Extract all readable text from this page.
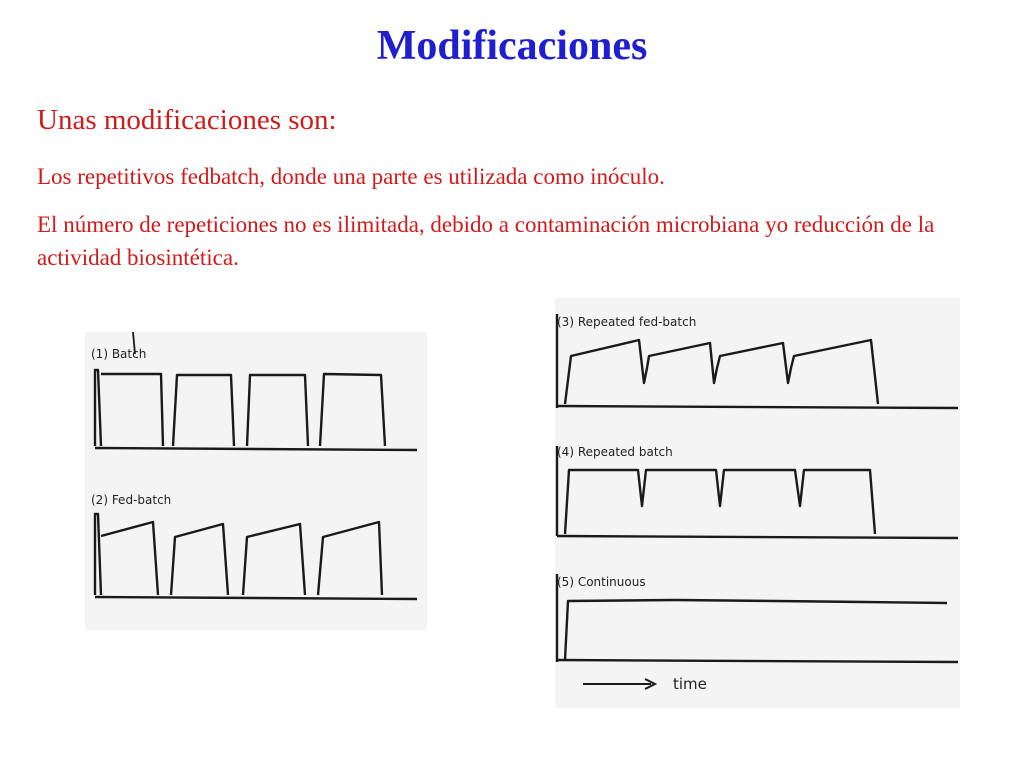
Modificaciones
Unas modificaciones son:
Los repetitivos fedbatch, donde una parte es utilizada como inóculo.
El número de repeticiones no es ilimitada, debido a contaminación microbiana yo reducción de la actividad biosintética.
(1) Batch
(2) Fed-batch
(3) Repeated fed-batch
(4) Repeated batch
(5) Continuous
time
